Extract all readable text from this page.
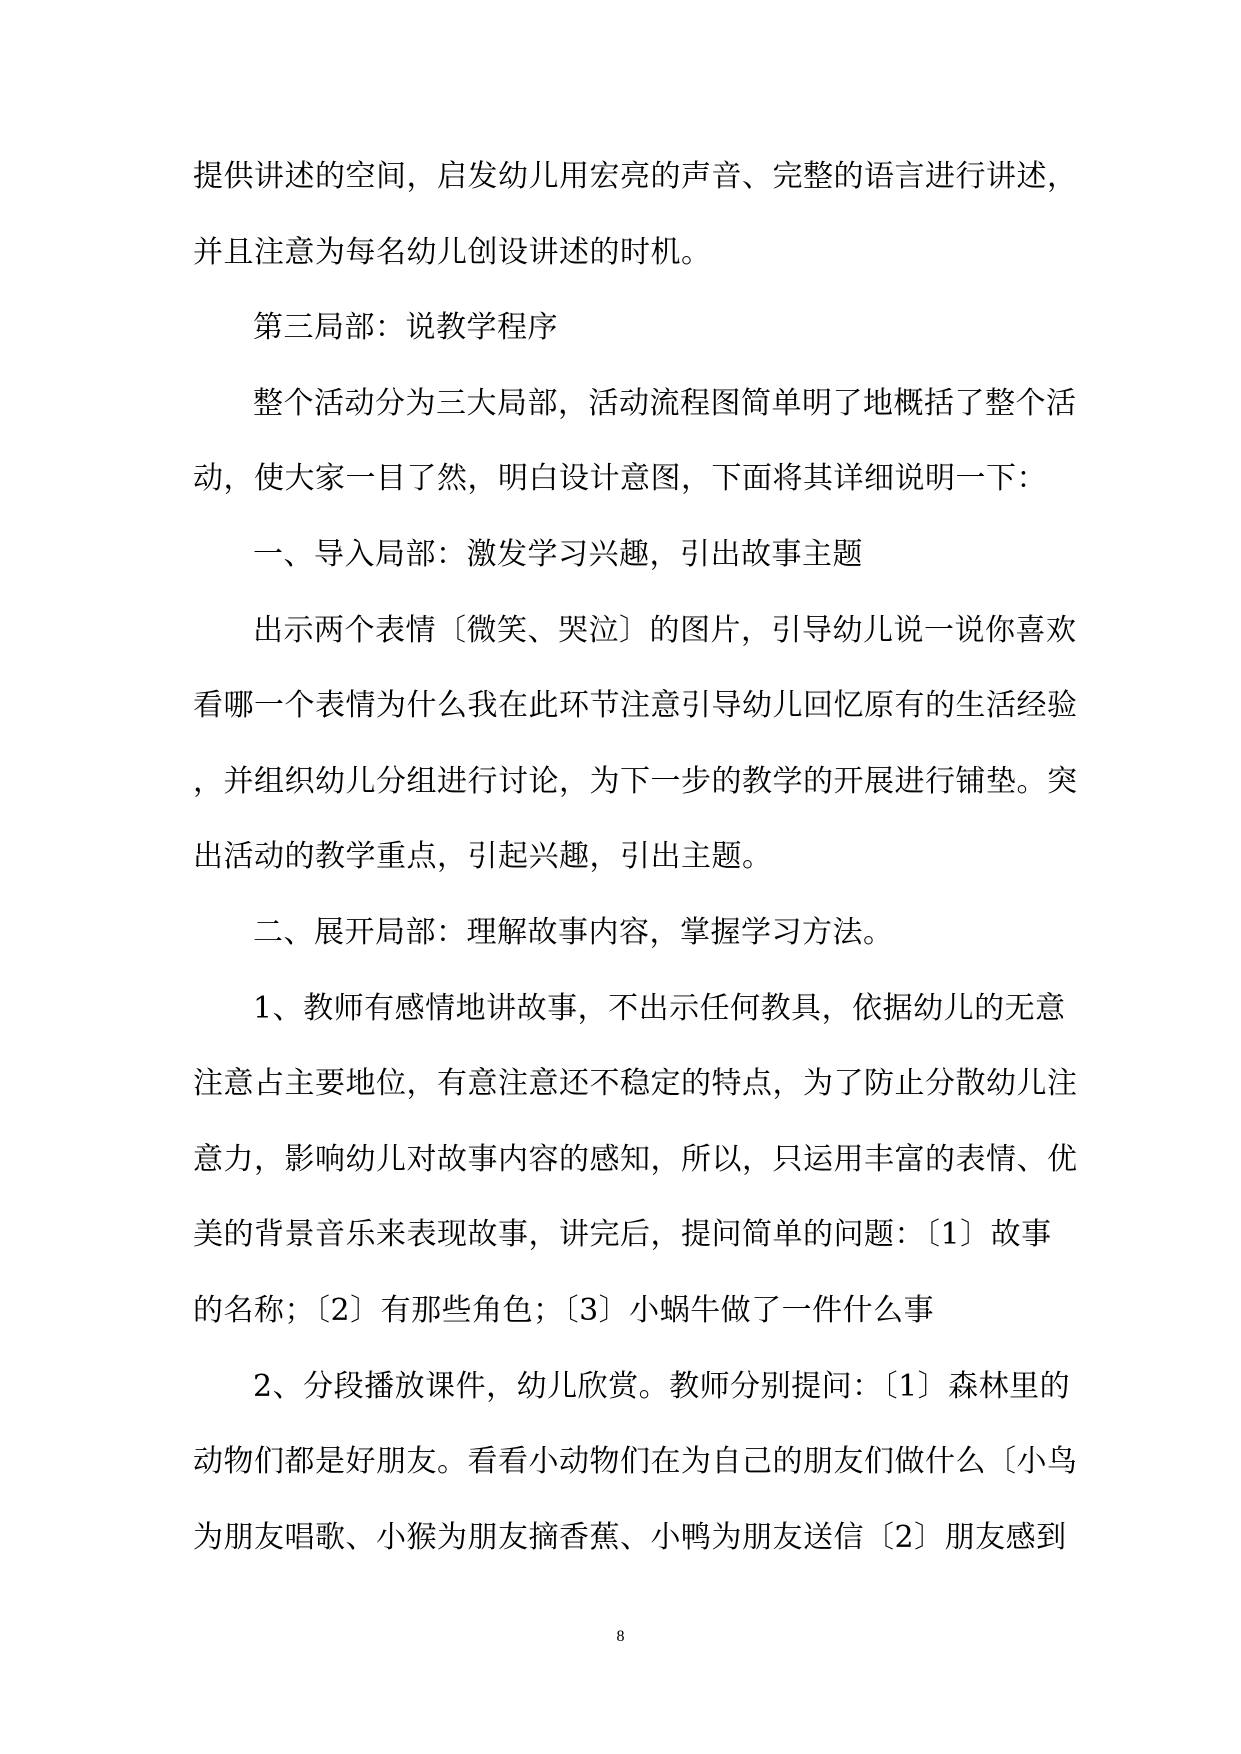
提供讲述的空间，启发幼儿用宏亮的声音、完整的语言进行讲述，
并且注意为每名幼儿创设讲述的时机。
第三局部：说教学程序
整个活动分为三大局部，活动流程图简单明了地概括了整个活
动，使大家一目了然，明白设计意图，下面将其详细说明一下：
一、导入局部：激发学习兴趣，引出故事主题
出示两个表情〔微笑、哭泣〕的图片，引导幼儿说一说你喜欢
看哪一个表情为什么我在此环节注意引导幼儿回忆原有的生活经验
，并组织幼儿分组进行讨论，为下一步的教学的开展进行铺垫。突
出活动的教学重点，引起兴趣，引出主题。
二、展开局部：理解故事内容，掌握学习方法。
1、教师有感情地讲故事，不出示任何教具，依据幼儿的无意
注意占主要地位，有意注意还不稳定的特点，为了防止分散幼儿注
意力，影响幼儿对故事内容的感知，所以，只运用丰富的表情、优
美的背景音乐来表现故事，讲完后，提问简单的问题：〔1〕故事
的名称；〔2〕有那些角色；〔3〕小蜗牛做了一件什么事
2、分段播放课件，幼儿欣赏。教师分别提问：〔1〕森林里的
动物们都是好朋友。看看小动物们在为自己的朋友们做什么〔小鸟
为朋友唱歌、小猴为朋友摘香蕉、小鸭为朋友送信〔2〕朋友感到
8
